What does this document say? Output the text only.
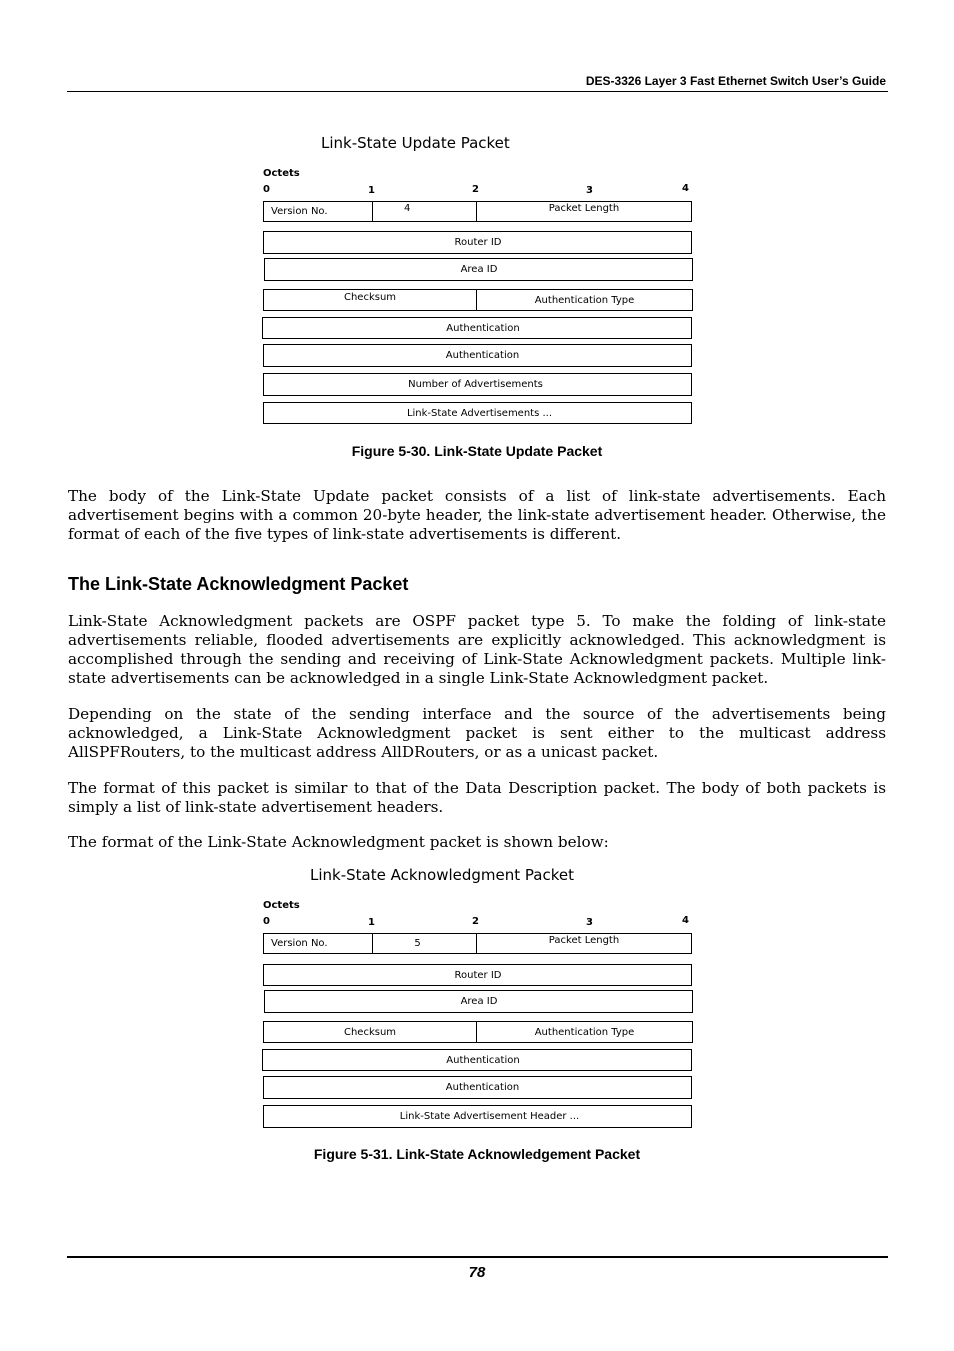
DES-3326 Layer 3 Fast Ethernet Switch User’s Guide
Link-State Update Packet
Octets
0	1	2	3	4
Version No.	4	Packet Length
Router ID
Area ID
Checksum	Authentication Type
Authentication
Authentication
Number of Advertisements
Link-State Advertisements ...
Figure 5-30. Link-State Update Packet

The body of the Link-State Update packet consists of a list of link-state advertisements. Each advertisement begins with a common 20-byte header, the link-state advertisement header. Otherwise, the format of each of the five types of link-state advertisements is different.

The Link-State Acknowledgment Packet

Link-State Acknowledgment packets are OSPF packet type 5. To make the folding of link-state advertisements reliable, flooded advertisements are explicitly acknowledged. This acknowledgment is accomplished through the sending and receiving of Link-State Acknowledgment packets. Multiple link-state advertisements can be acknowledged in a single Link-State Acknowledgment packet.

Depending on the state of the sending interface and the source of the advertisements being acknowledged, a Link-State Acknowledgment packet is sent either to the multicast address AllSPFRouters, to the multicast address AllDRouters, or as a unicast packet.

The format of this packet is similar to that of the Data Description packet. The body of both packets is simply a list of link-state advertisement headers.

The format of the Link-State Acknowledgment packet is shown below:

Link-State Acknowledgment Packet
Octets
0	1	2	3	4
Version No.	5	Packet Length
Router ID
Area ID
Checksum	Authentication Type
Authentication
Authentication
Link-State Advertisement Header ...
Figure 5-31. Link-State Acknowledgement Packet
78
